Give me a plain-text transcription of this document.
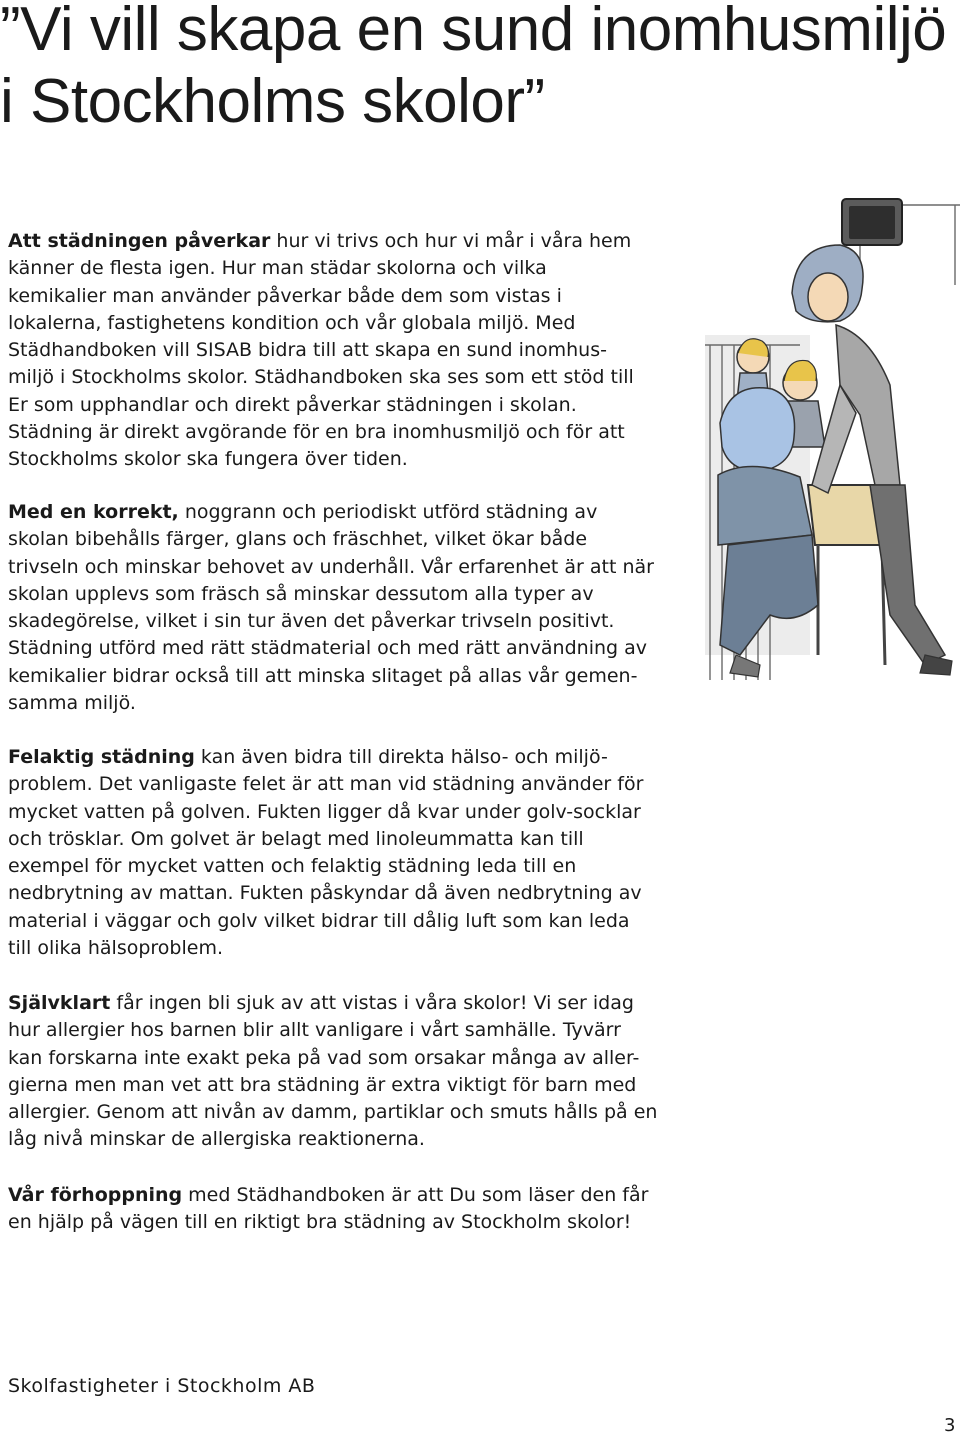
”Vi vill skapa en sund inomhusmiljö
i Stockholms skolor”

Att städningen påverkar hur vi trivs och hur vi mår i våra hem känner de flesta igen. Hur man städar skolorna och vilka kemikalier man använder påverkar både dem som vistas i lokalerna, fastighetens kondition och vår globala miljö. Med Städhandboken vill SISAB bidra till att skapa en sund inomhus-miljö i Stockholms skolor. Städhandboken ska ses som ett stöd till Er som upphandlar och direkt påverkar städningen i skolan. Städning är direkt avgörande för en bra inomhusmiljö och för att Stockholms skolor ska fungera över tiden.

Med en korrekt, noggrann och periodiskt utförd städning av skolan bibehålls färger, glans och fräschhet, vilket ökar både trivseln och minskar behovet av underhåll. Vår erfarenhet är att när skolan upplevs som fräsch så minskar dessutom alla typer av skadegörelse, vilket i sin tur även det påverkar trivseln positivt. Städning utförd med rätt städmaterial och med rätt användning av kemikalier bidrar också till att minska slitaget på allas vår gemen-samma miljö.

Felaktig städning kan även bidra till direkta hälso- och miljö-problem. Det vanligaste felet är att man vid städning använder för mycket vatten på golven. Fukten ligger då kvar under golv-socklar och trösklar. Om golvet är belagt med linoleummatta kan till exempel för mycket vatten och felaktig städning leda till en nedbrytning av mattan. Fukten påskyndar då även nedbrytning av material i väggar och golv vilket bidrar till dålig luft som kan leda till olika hälsoproblem.

Självklart får ingen bli sjuk av att vistas i våra skolor! Vi ser idag hur allergier hos barnen blir allt vanligare i vårt samhälle. Tyvärr kan forskarna inte exakt peka på vad som orsakar många av aller-gierna men man vet att bra städning är extra viktigt för barn med allergier. Genom att nivån av damm, partiklar och smuts hålls på en låg nivå minskar de allergiska reaktionerna.

Vår förhoppning med Städhandboken är att Du som läser den får en hjälp på vägen till en riktigt bra städning av Stockholm skolor!

Skolfastigheter i Stockholm AB
3
